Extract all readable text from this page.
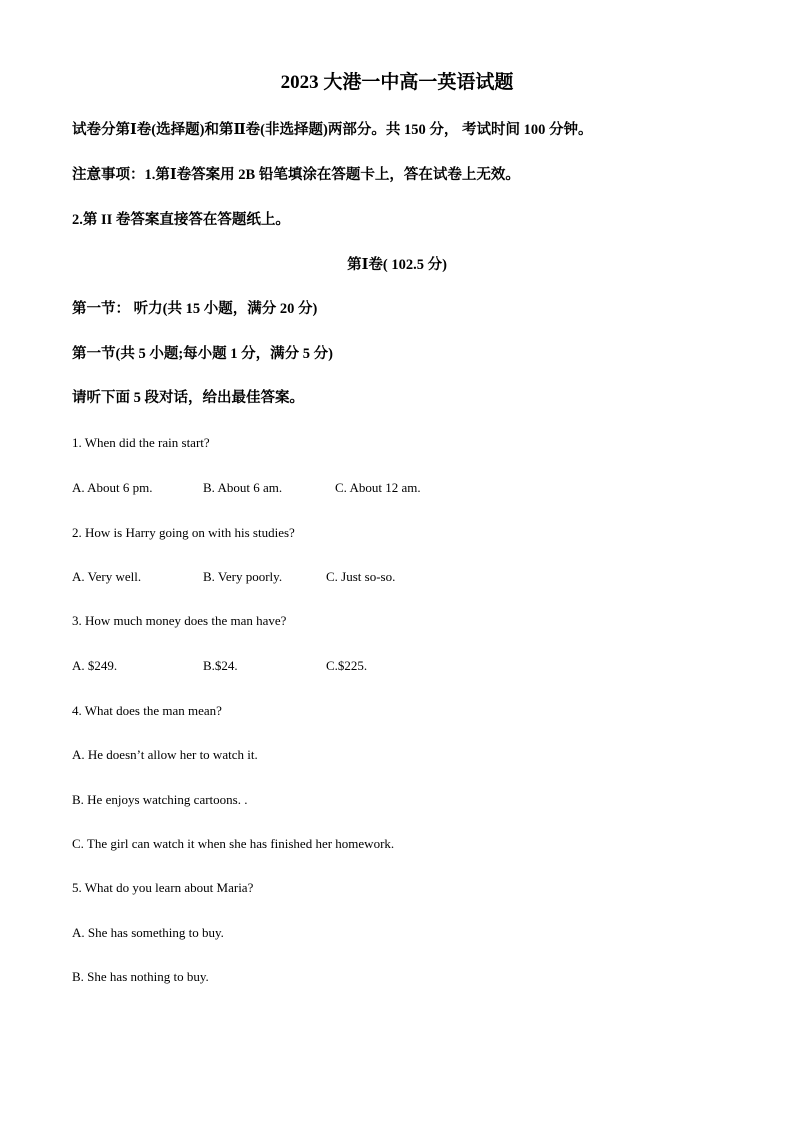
2023 大港一中高一英语试题
试卷分第Ⅰ卷(选择题)和第Ⅱ卷(非选择题)两部分。共 150 分， 考试时间 100 分钟。
注意事项：1.第Ⅰ卷答案用 2B 铅笔填涂在答题卡上，答在试卷上无效。
2.第 II 卷答案直接答在答题纸上。
第Ⅰ卷( 102.5 分)
第一节： 听力(共 15 小题，满分 20 分)
第一节(共 5 小题;每小题 1 分，满分 5 分)
请听下面 5 段对话，给出最佳答案。
1. When did the rain start?
A. About 6 pm.	B. About 6 am.	C. About 12 am.
2. How is Harry going on with his studies?
A. Very well.	B. Very poorly.	C. Just so-so.
3. How much money does the man have?
A. $249.	B.$24.	C.$225.
4. What does the man mean?
A. He doesn’t allow her to watch it.
B. He enjoys watching cartoons. .
C. The girl can watch it when she has finished her homework.
5. What do you learn about Maria?
A. She has something to buy.
B. She has nothing to buy.
